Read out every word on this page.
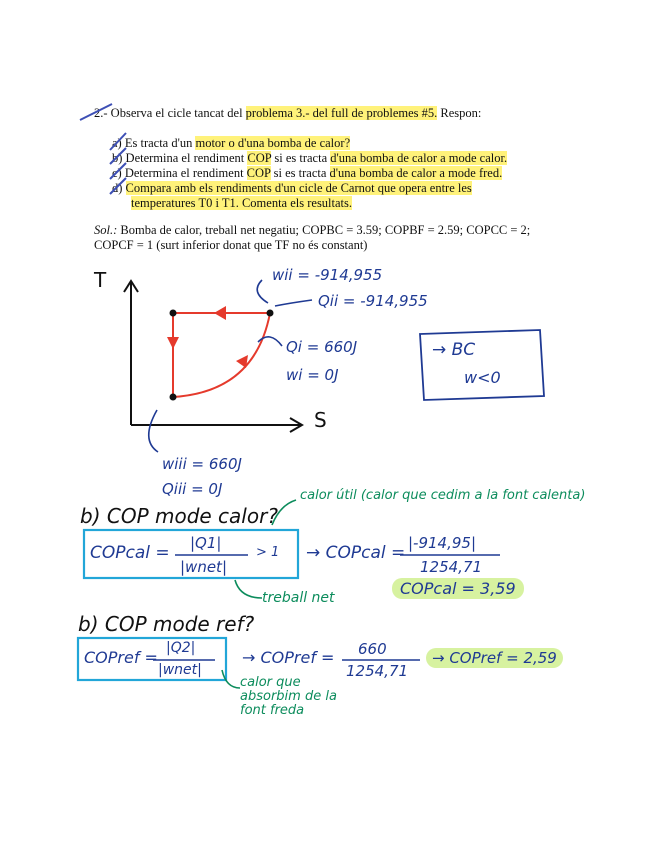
2.- Observa el cicle tancat del problema 3.- del full de problemes #5. Respon:
a) Es tracta d'un motor o d'una bomba de calor?
b) Determina el rendiment COP si es tracta d'una bomba de calor a mode calor.
c) Determina el rendiment COP si es tracta d'una bomba de calor a mode fred.
d) Compara amb els rendiments d'un cicle de Carnot que opera entre les
temperatures T0 i T1. Comenta els resultats.
Sol.: Bomba de calor, treball net negatiu; COPBC = 3.59; COPBF = 2.59; COPCC = 2;
COPCF = 1 (surt inferior donat que TF no és constant)
T
S
wii = -914,955
Qii = -914,955
Qi = 660J
wi = 0J
wiii = 660J
Qiii = 0J
→ BC
w<0
b) COP mode calor?
calor útil (calor que cedim a la font calenta)
COPcal = |Q1|
|wnet|
> 1 → COPcal = |-914,95|
1254,71
COPcal = 3,59
treball net
b) COP mode ref?
COPref = |Q2|
|wnet|
→ COPref = 660
1254,71
→ COPref = 2,59
calor que absorbim de la font freda
